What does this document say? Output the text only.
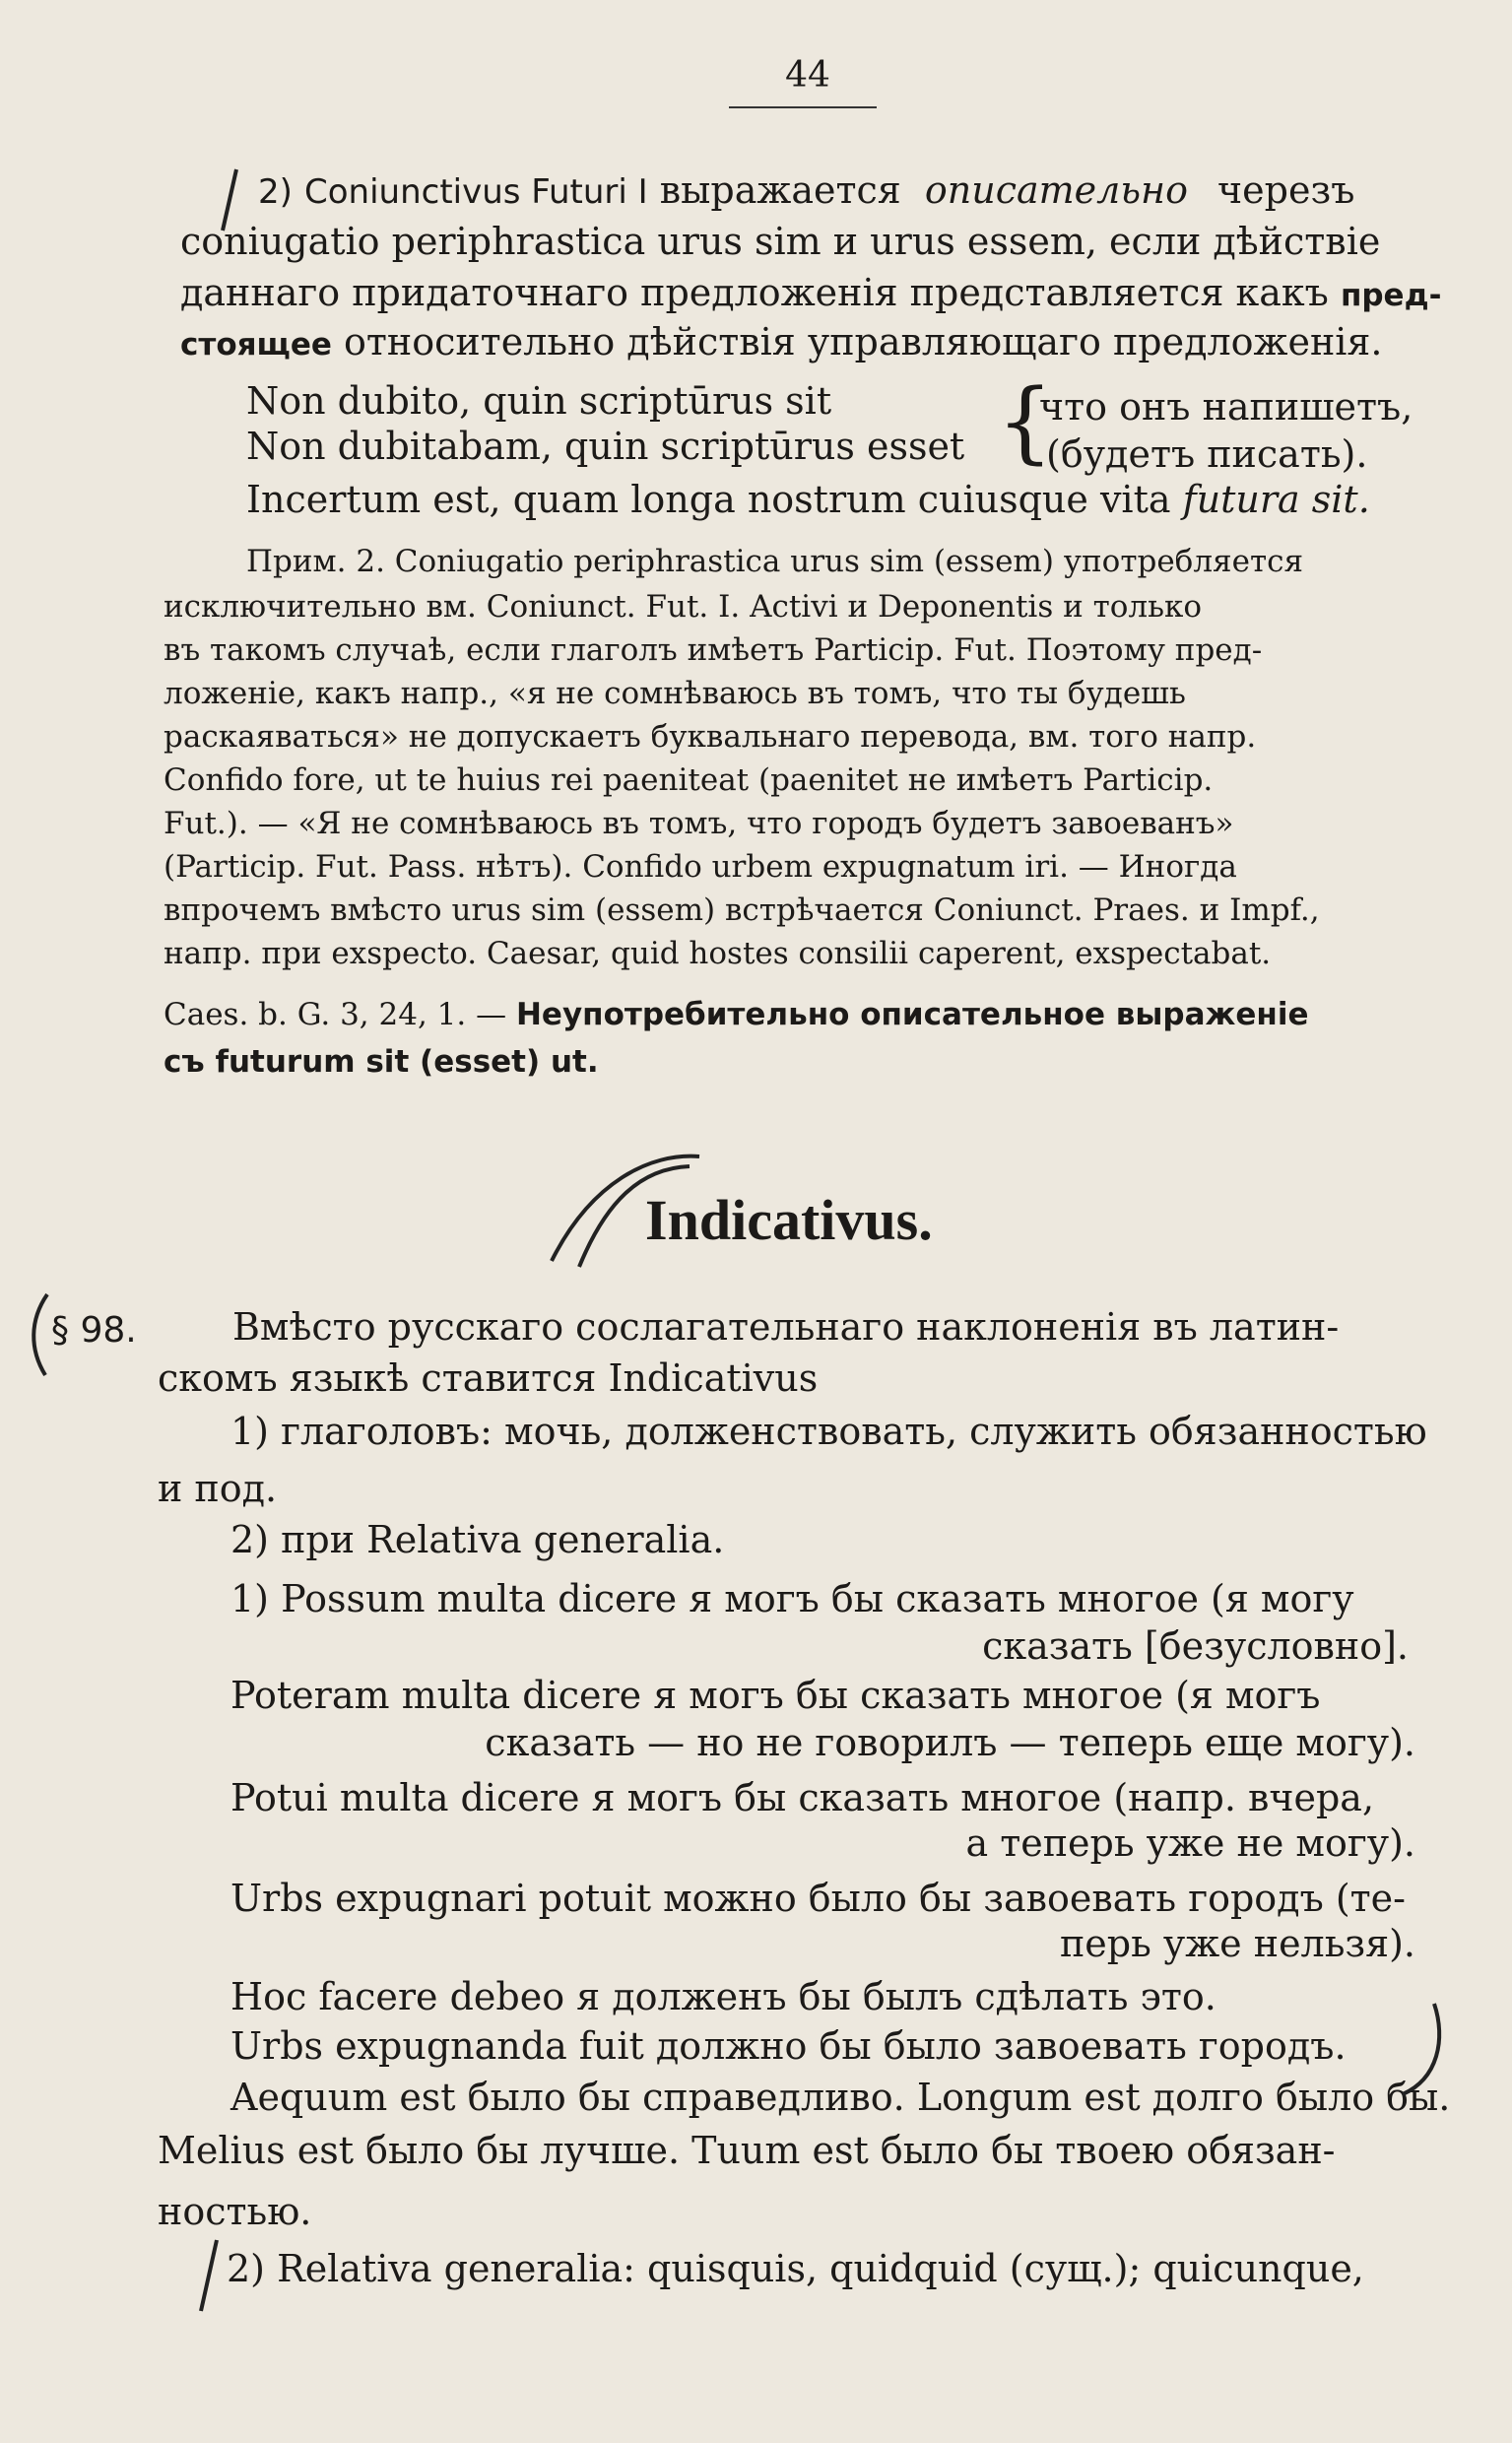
44
2) Coniunctivus Futuri I выражается описательно черезъ
coniugatio periphrastica urus sim и urus essem, если дѣйствіе
даннаго придаточнаго предложенія представляется какъ пред-
стоящее относительно дѣйствія управляющаго предложенія.
Non dubito, quin scriptūrus sit {
что онъ напишетъ,
Non dubitabam, quin scriptūrus esset (будетъ писать).
Incertum est, quam longa nostrum cuiusque vita futura sit.
Прим. 2. Coniugatio periphrastica urus sim (essem) употребляется
исключительно вм. Coniunct. Fut. I. Activi и Deponentis и только
въ такомъ случаѣ, если глаголъ имѣетъ Particip. Fut. Поэтому пред-
ложеніе, какъ напр., «я не сомнѣваюсь въ томъ, что ты будешь
раскаяваться» не допускаетъ буквальнаго перевода, вм. того напр.
Confido fore, ut te huius rei paeniteat (paenitet не имѣетъ Particip.
Fut.). — «Я не сомнѣваюсь въ томъ, что городъ будетъ завоеванъ»
(Particip. Fut. Pass. нѣтъ). Confido urbem expugnatum iri. — Иногда
впрочемъ вмѣсто urus sim (essem) встрѣчается Coniunct. Praes. и Impf.,
напр. при exspecto. Caesar, quid hostes consilii caperent, exspectabat.
Caes. b. G. 3, 24, 1. — Неупотребительно описательное выраженіе
съ futurum sit (esset) ut.
Indicativus.
§ 98.	Вмѣсто русскаго сослагательнаго наклоненія въ латин-
скомъ языкѣ ставится Indicativus
1) глаголовъ: мочь, долженствовать, служить обязанностью
и под.
2) при Relativa generalia.
1) Possum multa dicere я могъ бы сказать многое (я могу
сказать [безусловно].
Poteram multa dicere я могъ бы сказать многое (я могъ
сказать — но не говорилъ — теперь еще могу).
Potui multa dicere я могъ бы сказать многое (напр. вчера,
а теперь уже не могу).
Urbs expugnari potuit можно было бы завоевать городъ (те-
перь уже нельзя).
Hoc facere debeo я долженъ бы былъ сдѣлать это.
Urbs expugnanda fuit должно бы было завоевать городъ.
Aequum est было бы справедливо. Longum est долго было бы.
Melius est было бы лучше. Tuum est было бы твоею обязан-
ностью.
2) Relativa generalia: quisquis, quidquid (сущ.); quicunque,
